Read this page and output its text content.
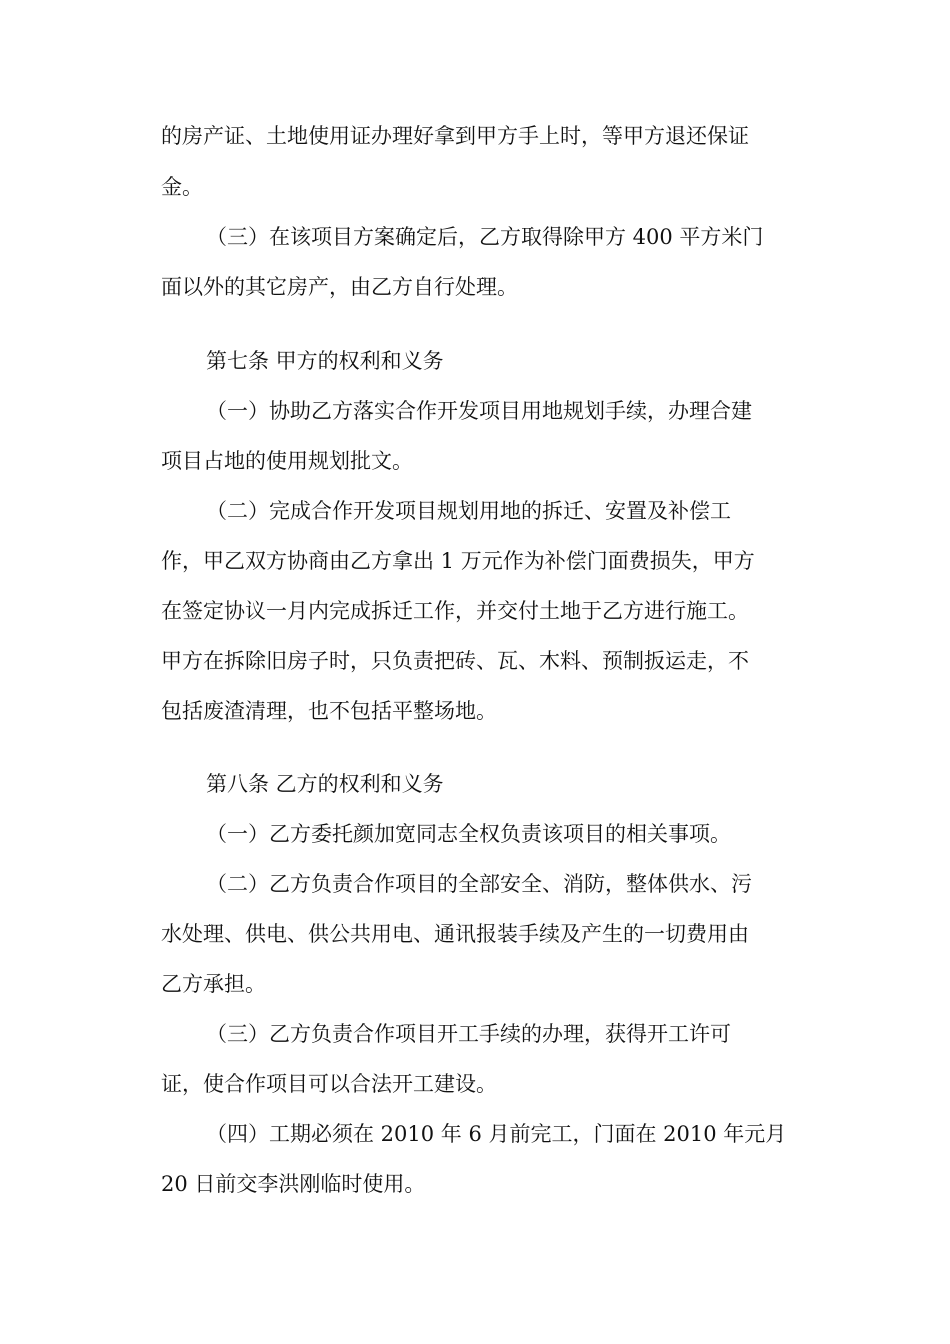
的房产证、土地使用证办理好拿到甲方手上时，等甲方退还保证
金。
（三）在该项目方案确定后，乙方取得除甲方 400 平方米门
面以外的其它房产，由乙方自行处理。
第七条 甲方的权利和义务
（一）协助乙方落实合作开发项目用地规划手续，办理合建
项目占地的使用规划批文。
（二）完成合作开发项目规划用地的拆迁、安置及补偿工
作，甲乙双方协商由乙方拿出 1 万元作为补偿门面费损失，甲方
在签定协议一月内完成拆迁工作，并交付土地于乙方进行施工。
甲方在拆除旧房子时，只负责把砖、瓦、木料、预制扳运走，不
包括废渣清理，也不包括平整场地。
第八条 乙方的权利和义务
（一）乙方委托颜加宽同志全权负责该项目的相关事项。
（二）乙方负责合作项目的全部安全、消防，整体供水、污
水处理、供电、供公共用电、通讯报装手续及产生的一切费用由
乙方承担。
（三）乙方负责合作项目开工手续的办理，获得开工许可
证，使合作项目可以合法开工建设。
（四）工期必须在 2010 年 6 月前完工，门面在 2010 年元月
20 日前交李洪刚临时使用。
